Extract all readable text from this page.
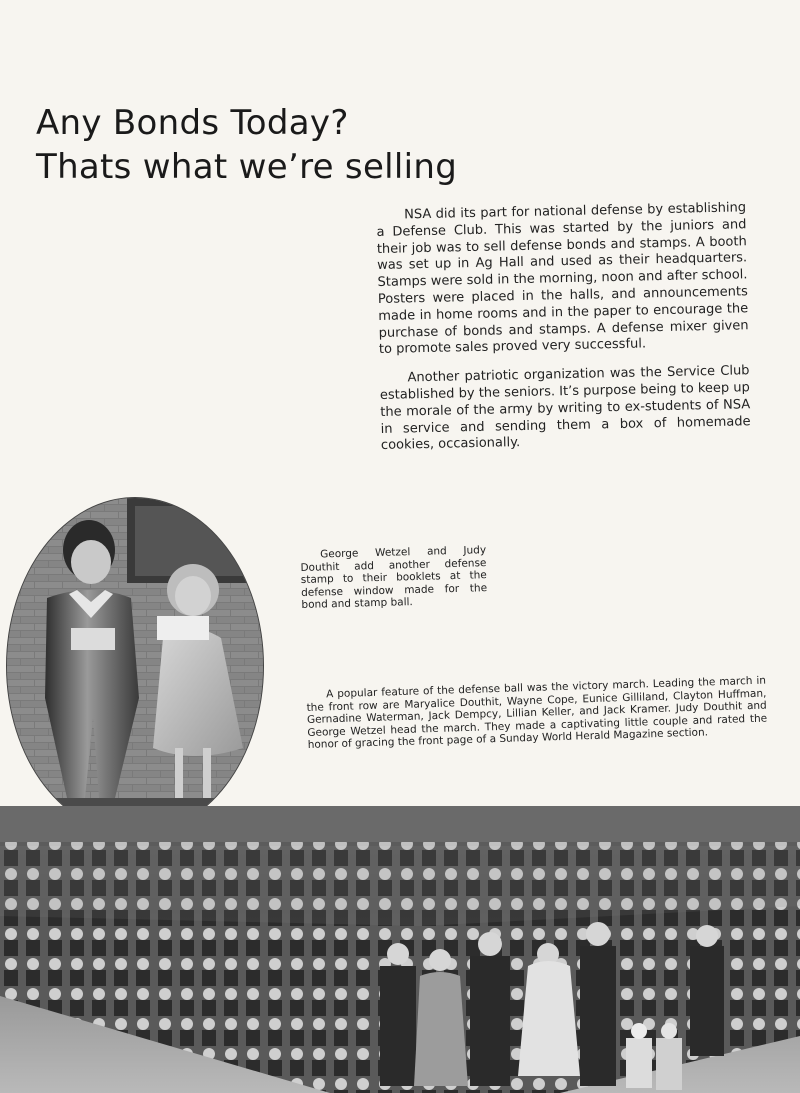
Any Bonds Today?
Thats what we’re selling

NSA did its part for national defense by establishing a Defense Club. This was started by the juniors and their job was to sell defense bonds and stamps. A booth was set up in Ag Hall and used as their headquarters. Stamps were sold in the morning, noon and after school. Posters were placed in the halls, and announcements made in home rooms and in the paper to encourage the purchase of bonds and stamps. A defense mixer given to promote sales proved very successful.

Another patriotic organization was the Service Club established by the seniors. It’s purpose being to keep up the morale of the army by writing to ex-students of NSA in service and sending them a box of homemade cookies, occasionally.

George Wetzel and Judy Douthit add another defense stamp to their booklets at the defense window made for the bond and stamp ball.

A popular feature of the defense ball was the victory march. Leading the march in the front row are Maryalice Douthit, Wayne Cope, Eunice Gilliland, Clayton Huffman, Gernadine Waterman, Jack Dempcy, Lillian Keller, and Jack Kramer. Judy Douthit and George Wetzel head the march. They made a captivating little couple and rated the honor of gracing the front page of a Sunday World Herald Magazine section.
